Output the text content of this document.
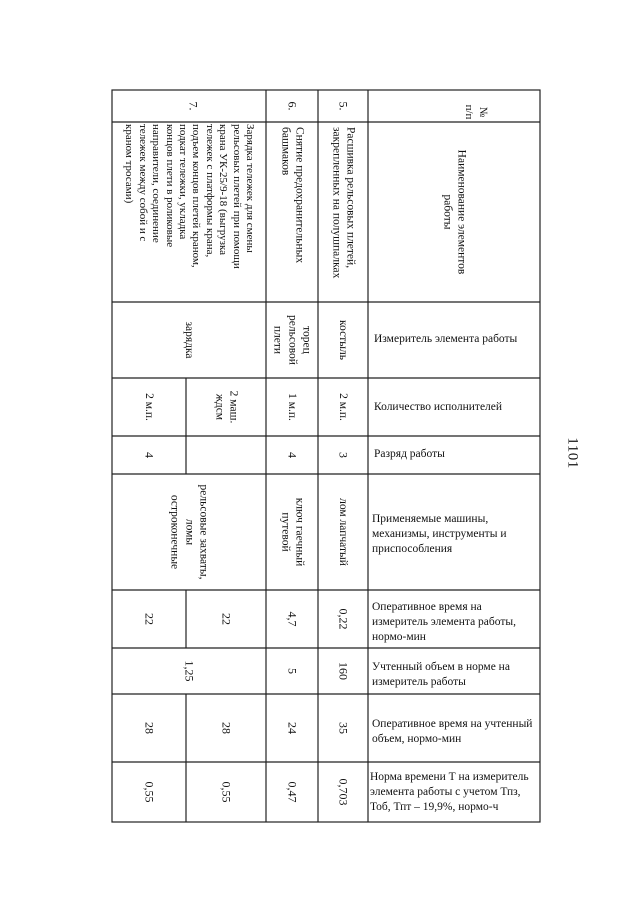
№
п/п
Наименование элементов
работы
Измеритель элемента работы
Количество исполнителей
Разряд работы
Применяемые машины, механизмы, инструменты и приспособления
Оперативное время на измеритель элемента работы, нормо-мин
Учтенный объем в норме на измеритель работы
Оперативное время на учтенный объем, нормо-мин
Норма времени Т на измеритель элемента работы с учетом Тпз, Тоб, Тпт – 19,9%, нормо-ч
5.
Расшивка рельсовых плетей,
закрепленных на полушпалках
костыль
2 м.п.
3
лом лапчатый
0,22
160
35
0,703
6.
Снятие предохранительных
башмаков
торец
рельсовой
плети
1 м.п.
4
ключ гаечный
путевой
4,7
5
24
0,47
7.
Зарядка тележек для смены
рельсовых плетей при помощи
крана УК-25/9-18 (выгрузка
тележек с платформы крана,
подъем концов плетей краном,
подкат тележки, укладка
концов плети в роликовые
направители, соединение
тележек между собой и с
краном тросами)
зарядка
2 маш.
ждсм
2 м.п.
4
рельсовые захваты,
ломы
остроконечные
22
22
1,25
28
28
0,55
0,55
1101
